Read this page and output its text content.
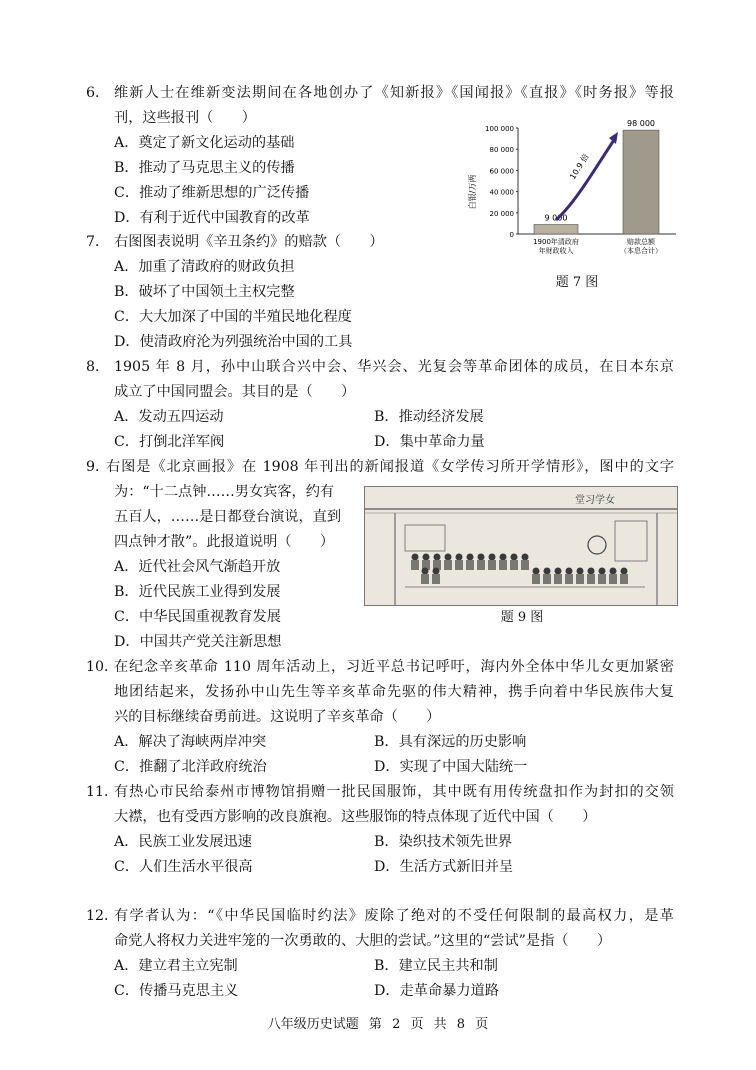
6． 维新人士在维新变法期间在各地创办了《知新报》《国闻报》《直报》《时务报》等报
刊，这些报刊（　　）
A．奠定了新文化运动的基础
B．推动了马克思主义的传播
C．推动了维新思想的广泛传播
D．有利于近代中国教育的改革
白银/万两
0
20 000
40 000
60 000
80 000
100 000
9 000
1900年清政府
年财政收入
98 000
赔款总额
（本息合计）
10.9 倍
题 7 图
7． 右图图表说明《辛丑条约》的赔款（　　）
A．加重了清政府的财政负担
B．破坏了中国领土主权完整
C．大大加深了中国的半殖民地化程度
D．使清政府沦为列强统治中国的工具
8． 1905 年 8 月，孙中山联合兴中会、华兴会、光复会等革命团体的成员，在日本东京
成立了中国同盟会。其目的是（　　）
A．发动五四运动	B．推动经济发展
C．打倒北洋军阀	D．集中革命力量
9．
右图是《北京画报》在 1908 年刊出的新闻报道《女学传习所开学情形》，图中的文字
为：“十二点钟……男女宾客，约有
五百人，……是日都登台演说，直到
四点钟才散”。此报道说明（　　）
A．近代社会风气渐趋开放
B．近代民族工业得到发展
C．中华民国重视教育发展
D．中国共产党关注新思想
堂习学女
题 9 图
10．
在纪念辛亥革命 110 周年活动上，习近平总书记呼吁，海内外全体中华儿女更加紧密
地团结起来，发扬孙中山先生等辛亥革命先驱的伟大精神，携手向着中华民族伟大复
兴的目标继续奋勇前进。这说明了辛亥革命（　　）
A．解决了海峡两岸冲突	B．具有深远的历史影响
C．推翻了北洋政府统治	D．实现了中国大陆统一
11．
有热心市民给泰州市博物馆捐赠一批民国服饰，其中既有用传统盘扣作为封扣的交领
大襟，也有受西方影响的改良旗袍。这些服饰的特点体现了近代中国（　　）
A．民族工业发展迅速	B．染织技术领先世界
C．人们生活水平很高	D．生活方式新旧并呈
12．
有学者认为：“《中华民国临时约法》废除了绝对的不受任何限制的最高权力，是革
命党人将权力关进牢笼的一次勇敢的、大胆的尝试。”这里的“尝试”是指（　　）
A．建立君主立宪制	B．建立民主共和制
C．传播马克思主义	D．走革命暴力道路
八年级历史试题 第 2 页 共 8 页
